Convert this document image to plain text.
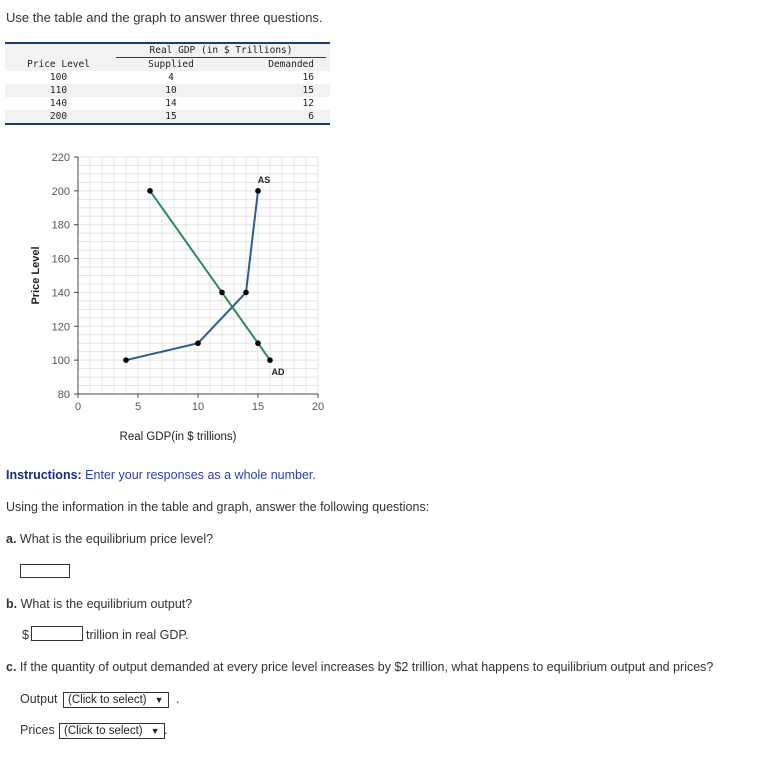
Use the table and the graph to answer three questions.
	Real GDP (in $ Trillions)	
Price Level	Supplied	Demanded
100	4	16
110	10	15
140	14	12
200	15	6
80
100
120
140
160
180
200
220
0	5	10	15	20
Real GDP(in $ trillions)
Price Level
AS
AD
Instructions: Enter your responses as a whole number.
Using the information in the table and graph, answer the following questions:
a. What is the equilibrium price level?
b. What is the equilibrium output?
$	trillion in real GDP.
c. If the quantity of output demanded at every price level increases by $2 trillion, what happens to equilibrium output and prices?
Output (Click to select) ▼ .
Prices (Click to select) ▼ .
